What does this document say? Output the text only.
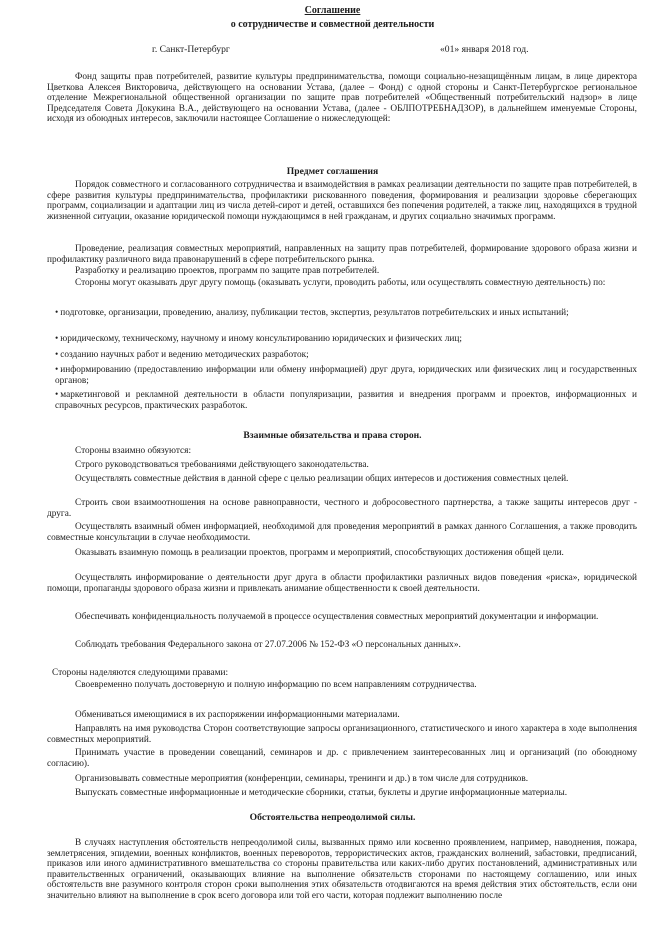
Соглашение
о сотрудничестве и совместной деятельности
г. Санкт-Петербург	«01» января 2018 год.

Фонд защиты прав потребителей, развитие культуры предпринимательства, помощи социально-незащищённым лицам, в лице директора Цветкова Алексея Викторовича, действующего на основании Устава, (далее – Фонд) с одной стороны и Санкт-Петербургское региональное отделение Межрегиональной общественной организации по защите прав потребителей «Общественный потребительский надзор» в лице Председателя Совета Докукина В.А., действующего на основании Устава, (далее - ОБЛПОТРЕБНАДЗОР), в дальнейшем именуемые Стороны, исходя из обоюдных интересов, заключили настоящее Соглашение о нижеследующей:

Предмет соглашения

Порядок совместного и согласованного сотрудничества и взаимодействия в рамках реализации деятельности по защите прав потребителей, в сфере развития культуры предпринимательства, профилактики рискованного поведения, формирования и реализации здоровье сберегающих программ, социализации и адаптации лиц из числа детей-сирот и детей, оставшихся без попечения родителей, а также лиц, находящихся в трудной жизненной ситуации, оказание юридической помощи нуждающимся в ней гражданам, и других социально значимых программ.

Проведение, реализация совместных мероприятий, направленных на защиту прав потребителей, формирование здорового образа жизни и профилактику различного вида правонарушений в сфере потребительского рынка.

Разработку и реализацию проектов, программ по защите прав потребителей.

Стороны могут оказывать друг другу помощь (оказывать услуги, проводить работы, или осуществлять совместную деятельность) по:

• подготовке, организации, проведению, анализу, публикации тестов, экспертиз, результатов потребительских и иных испытаний;

• юридическому, техническому, научному и иному консультированию юридических и физических лиц;

• созданию научных работ и ведению методических разработок;

• информированию (предоставлению информации или обмену информацией) друг друга, юридических или физических лиц и государственных органов;

• маркетинговой и рекламной деятельности в области популяризации, развития и внедрения программ и проектов, информационных и справочных ресурсов, практических разработок.

Взаимные обязательства и права сторон.

Стороны взаимно обязуются:

Строго руководствоваться требованиями действующего законодательства.

Осуществлять совместные действия в данной сфере с целью реализации общих интересов и достижения совместных целей.

Строить свои взаимоотношения на основе равноправности, честного и добросовестного партнерства, а также защиты интересов друг - друга.

Осуществлять взаимный обмен информацией, необходимой для проведения мероприятий в рамках данного Соглашения, а также проводить совместные консультации в случае необходимости.

Оказывать взаимную помощь в реализации проектов, программ и мероприятий, способствующих достижения общей цели.

Осуществлять информирование о деятельности друг друга в области профилактики различных видов поведения «риска», юридической помощи, пропаганды здорового образа жизни и привлекать анимание общественности к своей деятельности.

Обеспечивать конфиденциальность получаемой в процессе осуществления совместных мероприятий документации и информации.

Соблюдать требования Федерального закона от 27.07.2006 № 152-ФЗ «О персональных данных».

Стороны наделяются следующими правами:

Своевременно получать достоверную и полную информацию по всем направлениям сотрудничества.

Обмениваться имеющимися в их распоряжении информационными материалами.

Направлять на имя руководства Сторон соответствующие запросы организационного, статистического и иного характера в ходе выполнения совместных мероприятий.

Принимать участие в проведении совещаний, семинаров и др. с привлечением заинтересованных лиц и организаций (по обоюдному согласию).

Организовывать совместные мероприятия (конференции, семинары, тренинги и др.) в том числе для сотрудников.

Выпускать совместные информационные и методические сборники, статьи, буклеты и другие информационные материалы.

Обстоятельства непреодолимой силы.

В случаях наступления обстоятельств непреодолимой силы, вызванных прямо или косвенно проявлением, например, наводнения, пожара, землетрясения, эпидемии, военных конфликтов, военных переворотов, террористических актов, гражданских волнений, забастовки, предписаний, приказов или иного административного вмешательства со стороны правительства или каких-либо других постановлений, административных или правительственных ограничений, оказывающих влияние на выполнение обязательств сторонами по настоящему соглашению, или иных обстоятельств вне разумного контроля сторон сроки выполнения этих обязательств отодвигаются на время действия этих обстоятельств, если они значительно влияют на выполнение в срок всего договора или той его части, которая подлежит выполнению после
